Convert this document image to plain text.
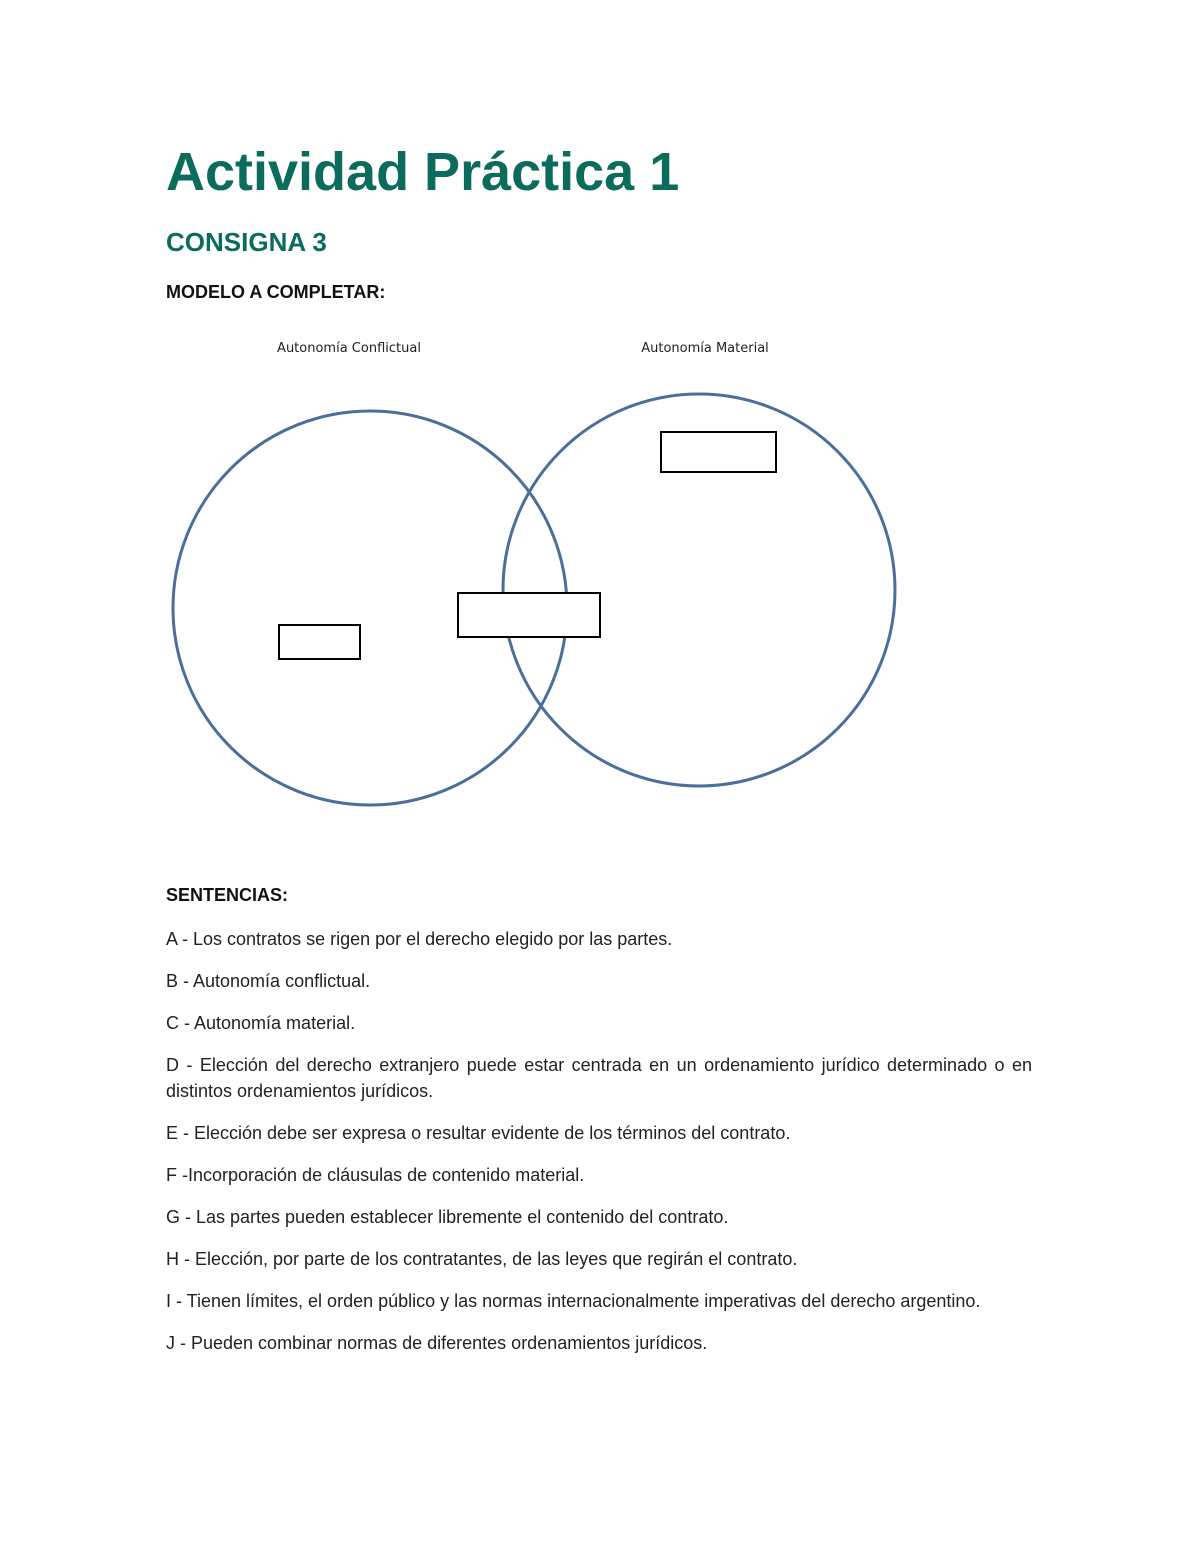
Actividad Práctica 1
CONSIGNA 3

MODELO A COMPLETAR:

Autonomía Conflictual	Autonomía Material

SENTENCIAS:

A - Los contratos se rigen por el derecho elegido por las partes.
B - Autonomía conflictual.
C - Autonomía material.
D - Elección del derecho extranjero puede estar centrada en un ordenamiento jurídico determinado o en distintos ordenamientos jurídicos.
E - Elección debe ser expresa o resultar evidente de los términos del contrato.
F -Incorporación de cláusulas de contenido material.
G - Las partes pueden establecer libremente el contenido del contrato.
H - Elección, por parte de los contratantes, de las leyes que regirán el contrato.
I - Tienen límites, el orden público y las normas internacionalmente imperativas del derecho argentino.
J - Pueden combinar normas de diferentes ordenamientos jurídicos.
